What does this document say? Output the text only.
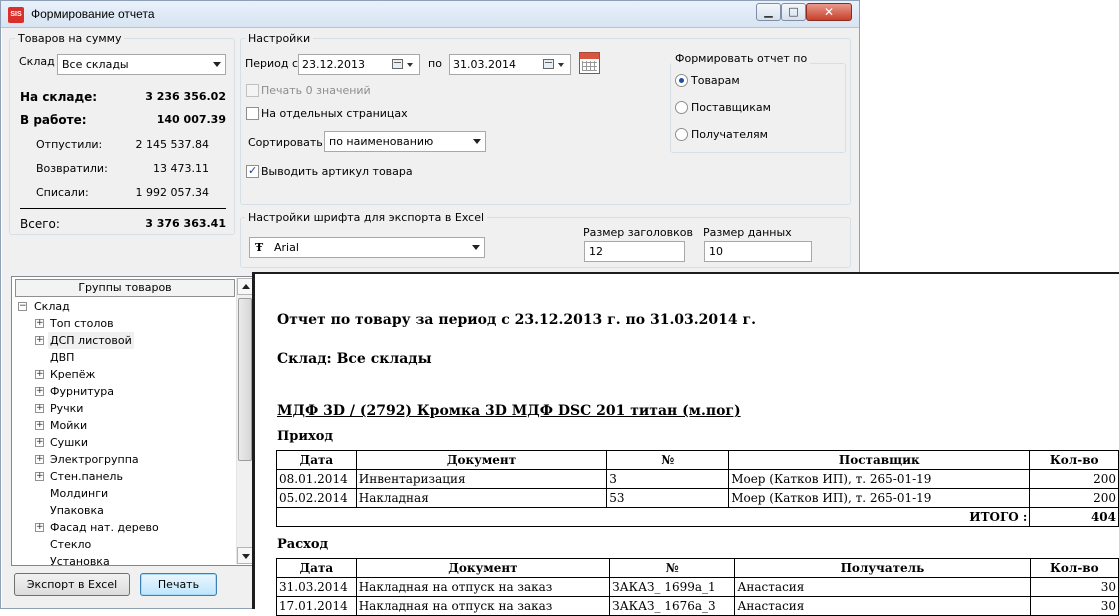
SIS Формирование отчета	▁	□	✕
Товаров на сумму
Склад Все склады
На складе:	3 236 356.02
В работе:	140 007.39
Отпустили:	2 145 537.84
Возвратили:	13 473.11
Списали:	1 992 057.34
Всего:	3 376 363.41
Настройки
Период с 23.12.2013	по	31.03.2014
Печать 0 значений
На отдельных страницах
Сортировать по наименованию
✓ Выводить артикул товара
Формировать отчет по
Товарам
Поставщикам
Получателям
Настройки шрифта для экспорта в Excel
Ŧ Arial
Размер заголовков
12
Размер данных
10
Группы товаров
− Склад
+ Топ столов
+ ДСП листовой
ДВП
+ Крепёж
+ Фурнитура
+ Ручки
+ Мойки
+ Сушки
+ Электрогруппа
+ Стен.панель
Молдинги
Упаковка
+ Фасад нат. дерево
Стекло
Установка
Экспорт в Excel	Печать
Отчет по товару за период с 23.12.2013 г. по 31.03.2014 г.
Склад: Все склады
МДФ 3D / (2792) Кромка 3D МДФ DSC 201 титан (м.пог)
Приход
Дата	Документ	№	Поставщик	Кол-во
08.01.2014	Инвентаризация	3	Моер (Катков ИП), т. 265-01-19	200
05.02.2014	Накладная	53	Моер (Катков ИП), т. 265-01-19	200
ИТОГО :				404
Расход
Дата	Документ	№	Получатель	Кол-во
31.03.2014	Накладная на отпуск на заказ	ЗАКАЗ_ 1699а_1	Анастасия	30
17.01.2014	Накладная на отпуск на заказ	ЗАКАЗ_ 1676а_3	Анастасия	30
